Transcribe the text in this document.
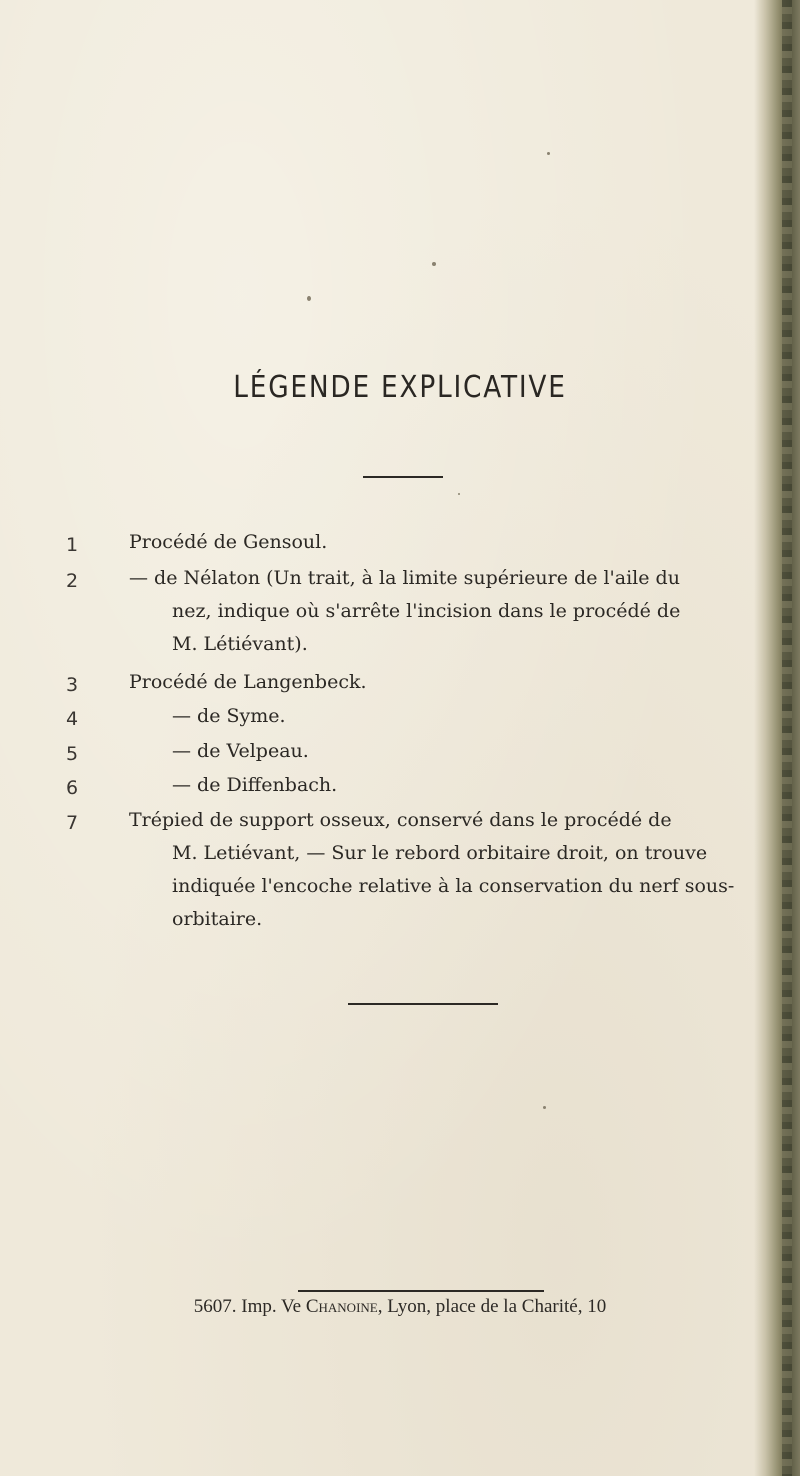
LÉGENDE EXPLICATIVE
1	Procédé de Gensoul.
2	— de Nélaton (Un trait, à la limite supérieure de l'aile du
nez, indique où s'arrête l'incision dans le procédé de
M. Létiévant).
3	Procédé de Langenbeck.
4	— de Syme.
5	— de Velpeau.
6	— de Diffenbach.
7	Trépied de support osseux, conservé dans le procédé de
M. Letiévant, — Sur le rebord orbitaire droit, on trouve
indiquée l'encoche relative à la conservation du nerf sous-
orbitaire.
5607. Imp. Ve Chanoine, Lyon, place de la Charité, 10
